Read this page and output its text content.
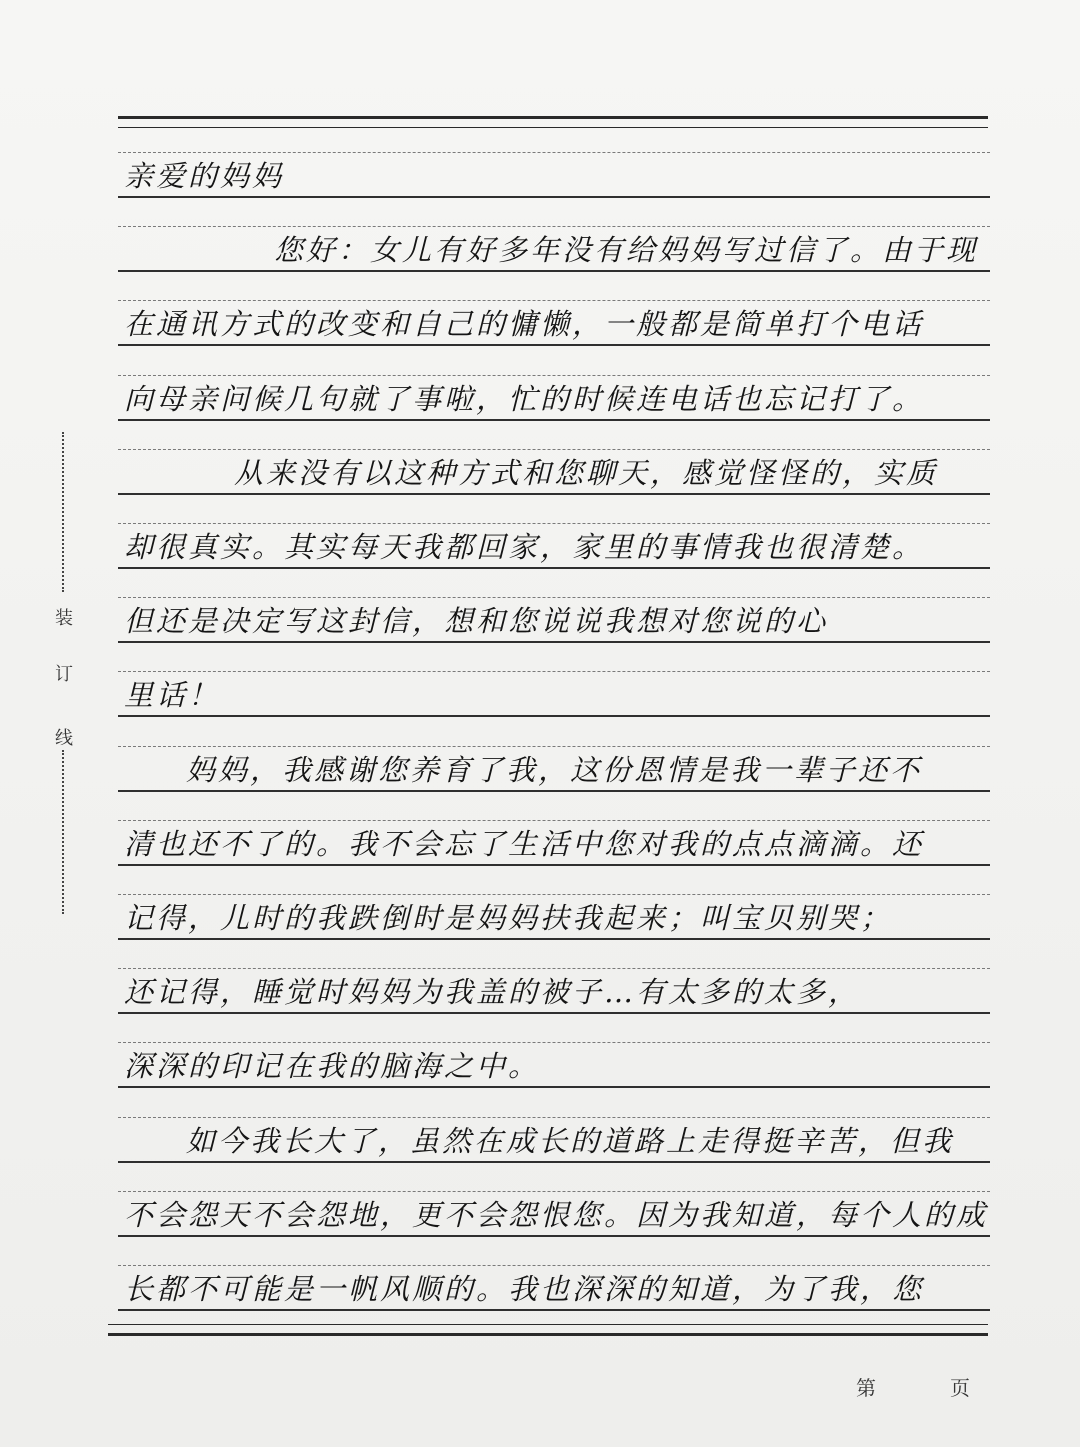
装
订
线
亲爱的妈妈
您好：女儿有好多年没有给妈妈写过信了。由于现
在通讯方式的改变和自己的慵懒，一般都是简单打个电话
向母亲问候几句就了事啦，忙的时候连电话也忘记打了。
从来没有以这种方式和您聊天，感觉怪怪的，实质
却很真实。其实每天我都回家，家里的事情我也很清楚。
但还是决定写这封信，想和您说说我想对您说的心
里话！
妈妈，我感谢您养育了我，这份恩情是我一辈子还不
清也还不了的。我不会忘了生活中您对我的点点滴滴。还
记得，儿时的我跌倒时是妈妈扶我起来；叫宝贝别哭；
还记得，睡觉时妈妈为我盖的被子…有太多的太多，
深深的印记在我的脑海之中。
如今我长大了，虽然在成长的道路上走得挺辛苦，但我
不会怨天不会怨地，更不会怨恨您。因为我知道，每个人的成
长都不可能是一帆风顺的。我也深深的知道，为了我，您
第	页
